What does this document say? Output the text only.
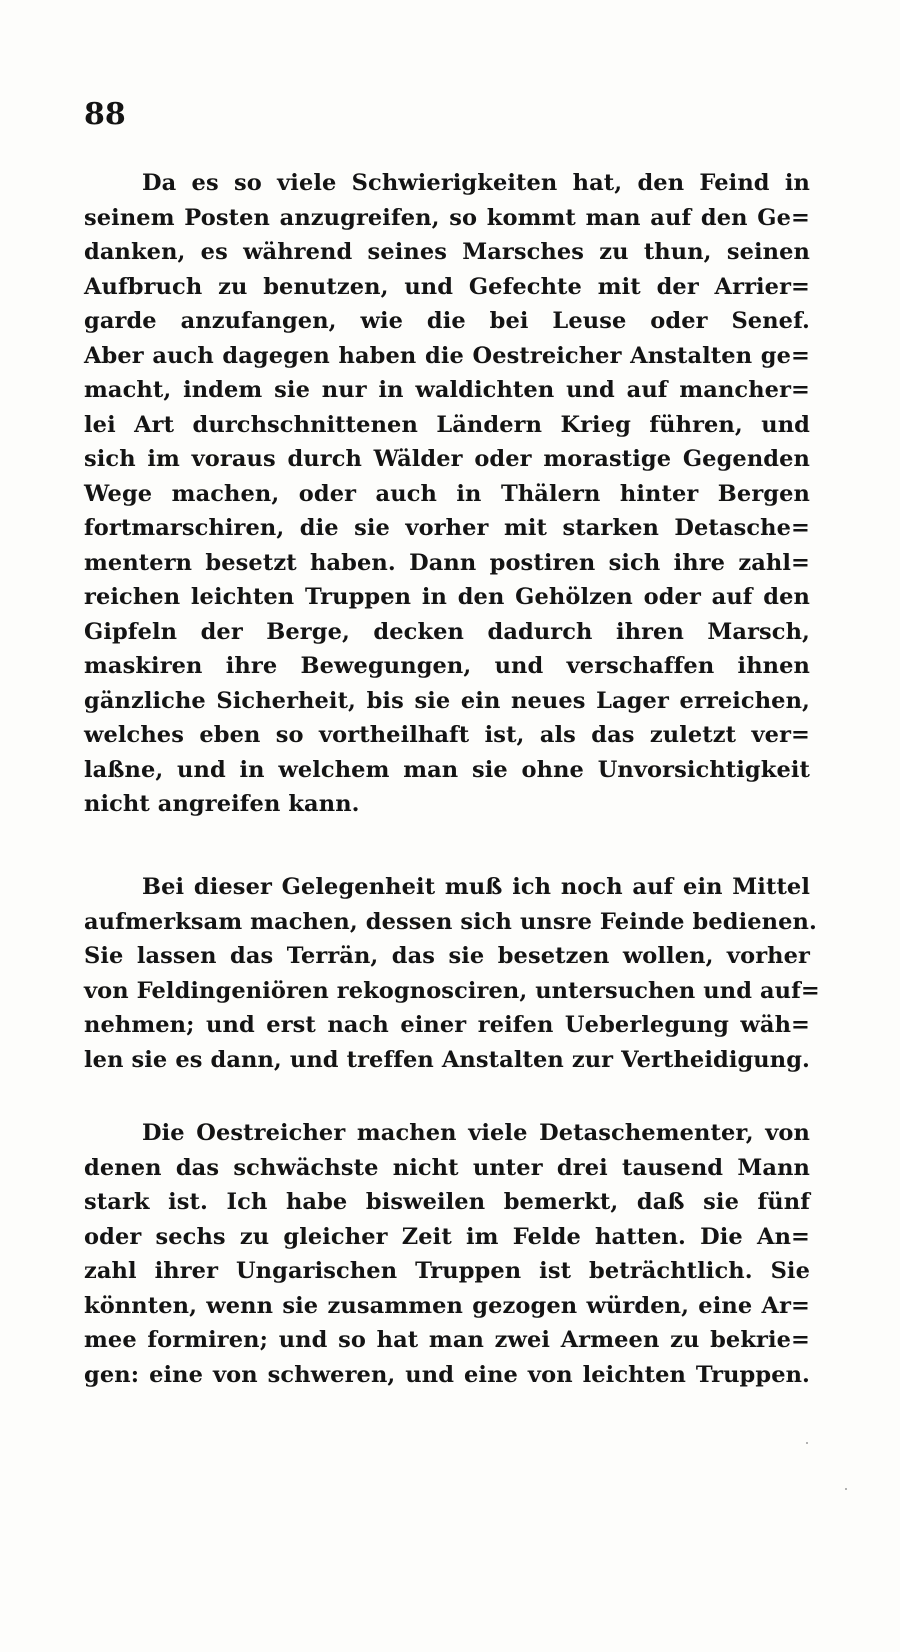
88
Da es so viele Schwierigkeiten hat, den Feind in
seinem Posten anzugreifen, so kommt man auf den Ge=
danken, es während seines Marsches zu thun, seinen
Aufbruch zu benutzen, und Gefechte mit der Arrier=
garde anzufangen, wie die bei Leuse oder Senef.
Aber auch dagegen haben die Oestreicher Anstalten ge=
macht, indem sie nur in waldichten und auf mancher=
lei Art durchschnittenen Ländern Krieg führen, und
sich im voraus durch Wälder oder morastige Gegenden
Wege machen, oder auch in Thälern hinter Bergen
fortmarschiren, die sie vorher mit starken Detasche=
mentern besetzt haben. Dann postiren sich ihre zahl=
reichen leichten Truppen in den Gehölzen oder auf den
Gipfeln der Berge, decken dadurch ihren Marsch,
maskiren ihre Bewegungen, und verschaffen ihnen
gänzliche Sicherheit, bis sie ein neues Lager erreichen,
welches eben so vortheilhaft ist, als das zuletzt ver=
laßne, und in welchem man sie ohne Unvorsichtigkeit
nicht angreifen kann.
Bei dieser Gelegenheit muß ich noch auf ein Mittel
aufmerksam machen, dessen sich unsre Feinde bedienen.
Sie lassen das Terrän, das sie besetzen wollen, vorher
von Feldingeniören rekognosciren, untersuchen und auf=
nehmen; und erst nach einer reifen Ueberlegung wäh=
len sie es dann, und treffen Anstalten zur Vertheidigung.
Die Oestreicher machen viele Detaschementer, von
denen das schwächste nicht unter drei tausend Mann
stark ist. Ich habe bisweilen bemerkt, daß sie fünf
oder sechs zu gleicher Zeit im Felde hatten. Die An=
zahl ihrer Ungarischen Truppen ist beträchtlich. Sie
könnten, wenn sie zusammen gezogen würden, eine Ar=
mee formiren; und so hat man zwei Armeen zu bekrie=
gen: eine von schweren, und eine von leichten Truppen.
